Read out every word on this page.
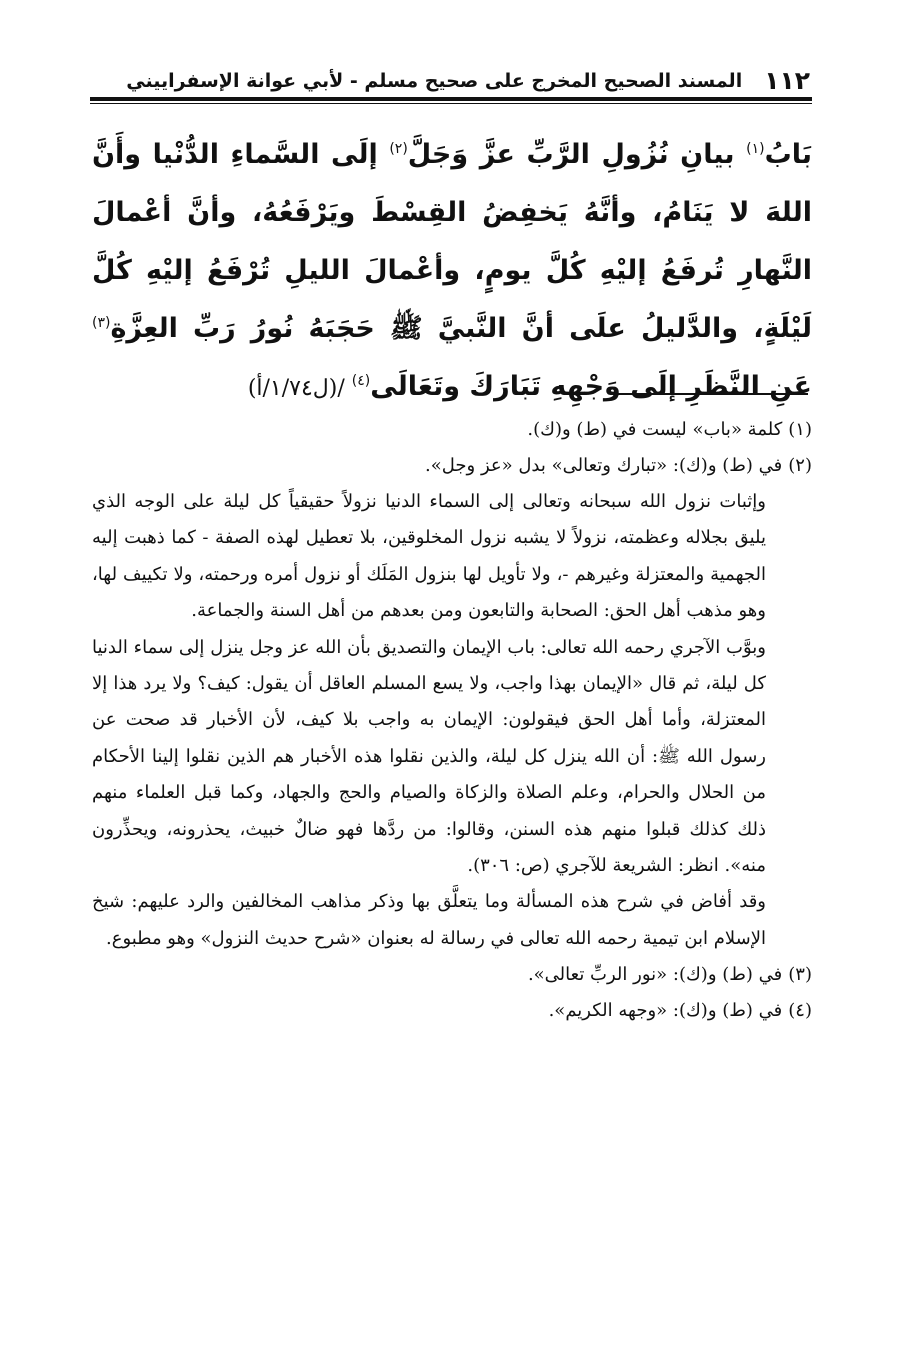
١١٢
المسند الصحيح المخرج على صحيح مسلم - لأبي عوانة الإسفراييني
بَابُ$^{(١)}$ بيانِ نُزُولِ الرَّبِّ عزَّ وَجَلَّ$^{(٢)}$ إلَى السَّماءِ الدُّنْيا وأَنَّ اللهَ لا يَنَامُ، وأنَّهُ يَخفِضُ القِسْطَ ويَرْفَعُهُ، وأنَّ أعْمالَ النَّهارِ تُرفَعُ إليْهِ كُلَّ يومٍ، وأعْمالَ الليلِ تُرْفَعُ إليْهِ كُلَّ لَيْلَةٍ، والدَّليلُ علَى أنَّ النَّبيَّ ﷺ حَجَبَهُ نُورُ رَبِّ العِزَّةِ$^{(٣)}$ عَنِ النَّظَرِ إلَى وَجْهِهِ تَبَارَكَ وتَعَالَى$^{(٤)}$ /(ل١/٧٤/أ)

(١)كلمة «باب» ليست في (ط) و(ك).

(٢)في (ط) و(ك): «تبارك وتعالى» بدل «عز وجل».

وإثبات نزول الله سبحانه وتعالى إلى السماء الدنيا نزولاً حقيقياً كل ليلة على الوجه الذي يليق بجلاله وعظمته، نزولاً لا يشبه نزول المخلوقين، بلا تعطيل لهذه الصفة - كما ذهبت إليه الجهمية والمعتزلة وغيرهم -، ولا تأويل لها بنزول المَلَك أو نزول أمره ورحمته، ولا تكييف لها، وهو مذهب أهل الحق: الصحابة والتابعون ومن بعدهم من أهل السنة والجماعة.

وبوَّب الآجري رحمه الله تعالى: باب الإيمان والتصديق بأن الله عز وجل ينزل إلى سماء الدنيا كل ليلة، ثم قال «الإيمان بهذا واجب، ولا يسع المسلم العاقل أن يقول: كيف؟ ولا يرد هذا إلا المعتزلة، وأما أهل الحق فيقولون: الإيمان به واجب بلا كيف، لأن الأخبار قد صحت عن رسول الله ﷺ: أن الله ينزل كل ليلة، والذين نقلوا هذه الأخبار هم الذين نقلوا إلينا الأحكام من الحلال والحرام، وعلم الصلاة والزكاة والصيام والحج والجهاد، وكما قبل العلماء منهم ذلك كذلك قبلوا منهم هذه السنن، وقالوا: من ردَّها فهو ضالٌ خبيث، يحذرونه، ويحذِّرون منه». انظر: الشريعة للآجري (ص: ٣٠٦).

وقد أفاض في شرح هذه المسألة وما يتعلَّق بها وذكر مذاهب المخالفين والرد عليهم: شيخ الإسلام ابن تيمية رحمه الله تعالى في رسالة له بعنوان «شرح حديث النزول» وهو مطبوع.

(٣)في (ط) و(ك): «نور الربِّ تعالى».

(٤)في (ط) و(ك): «وجهه الكريم».
